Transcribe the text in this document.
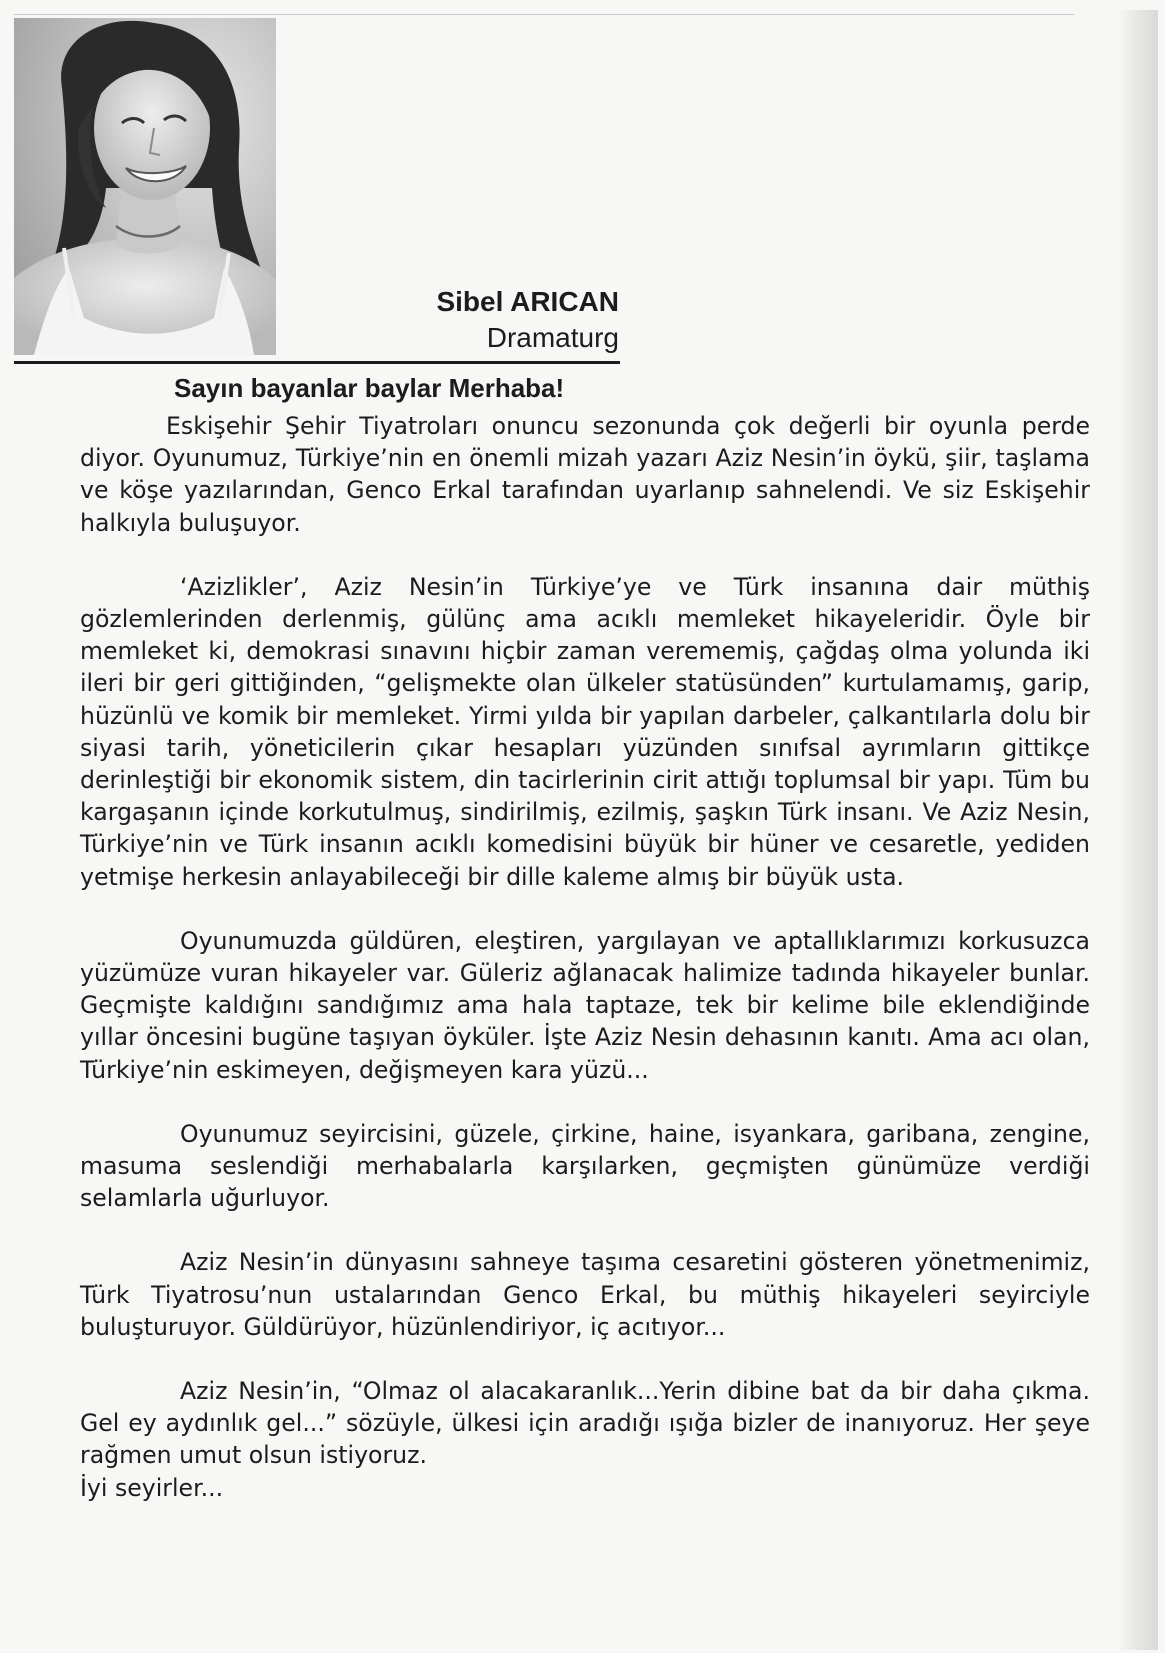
Sibel ARICAN
Dramaturg
Sayın bayanlar baylar Merhaba!

Eskişehir Şehir Tiyatroları onuncu sezonunda çok değerli bir oyunla perde diyor. Oyunumuz, Türkiye’nin en önemli mizah yazarı Aziz Nesin’in öykü, şiir, taşlama ve köşe yazılarından, Genco Erkal tarafından uyarlanıp sahnelendi. Ve siz Eskişehir halkıyla buluşuyor.

‘Azizlikler’, Aziz Nesin’in Türkiye’ye ve Türk insanına dair müthiş gözlemlerinden derlenmiş, gülünç ama acıklı memleket hikayeleridir. Öyle bir memleket ki, demokrasi sınavını hiçbir zaman verememiş, çağdaş olma yolunda iki ileri bir geri gittiğinden, “gelişmekte olan ülkeler statüsünden” kurtulamamış, garip, hüzünlü ve komik bir memleket. Yirmi yılda bir yapılan darbeler, çalkantılarla dolu bir siyasi tarih, yöneticilerin çıkar hesapları yüzünden sınıfsal ayrımların gittikçe derinleştiği bir ekonomik sistem, din tacirlerinin cirit attığı toplumsal bir yapı. Tüm bu kargaşanın içinde korkutulmuş, sindirilmiş, ezilmiş, şaşkın Türk insanı. Ve Aziz Nesin, Türkiye’nin ve Türk insanın acıklı komedisini büyük bir hüner ve cesaretle, yediden yetmişe herkesin anlayabileceği bir dille kaleme almış bir büyük usta.

Oyunumuzda güldüren, eleştiren, yargılayan ve aptallıklarımızı korkusuzca yüzümüze vuran hikayeler var. Güleriz ağlanacak halimize tadında hikayeler bunlar. Geçmişte kaldığını sandığımız ama hala taptaze, tek bir kelime bile eklendiğinde yıllar öncesini bugüne taşıyan öyküler. İşte Aziz Nesin dehasının kanıtı. Ama acı olan, Türkiye’nin eskimeyen, değişmeyen kara yüzü...

Oyunumuz seyircisini, güzele, çirkine, haine, isyankara, garibana, zengine, masuma seslendiği merhabalarla karşılarken, geçmişten günümüze verdiği selamlarla uğurluyor.

Aziz Nesin’in dünyasını sahneye taşıma cesaretini gösteren yönetmenimiz, Türk Tiyatrosu’nun ustalarından Genco Erkal, bu müthiş hikayeleri seyirciyle buluşturuyor. Güldürüyor, hüzünlendiriyor, iç acıtıyor...

Aziz Nesin’in, “Olmaz ol alacakaranlık...Yerin dibine bat da bir daha çıkma. Gel ey aydınlık gel...” sözüyle, ülkesi için aradığı ışığa bizler de inanıyoruz. Her şeye rağmen umut olsun istiyoruz.
İyi seyirler...
